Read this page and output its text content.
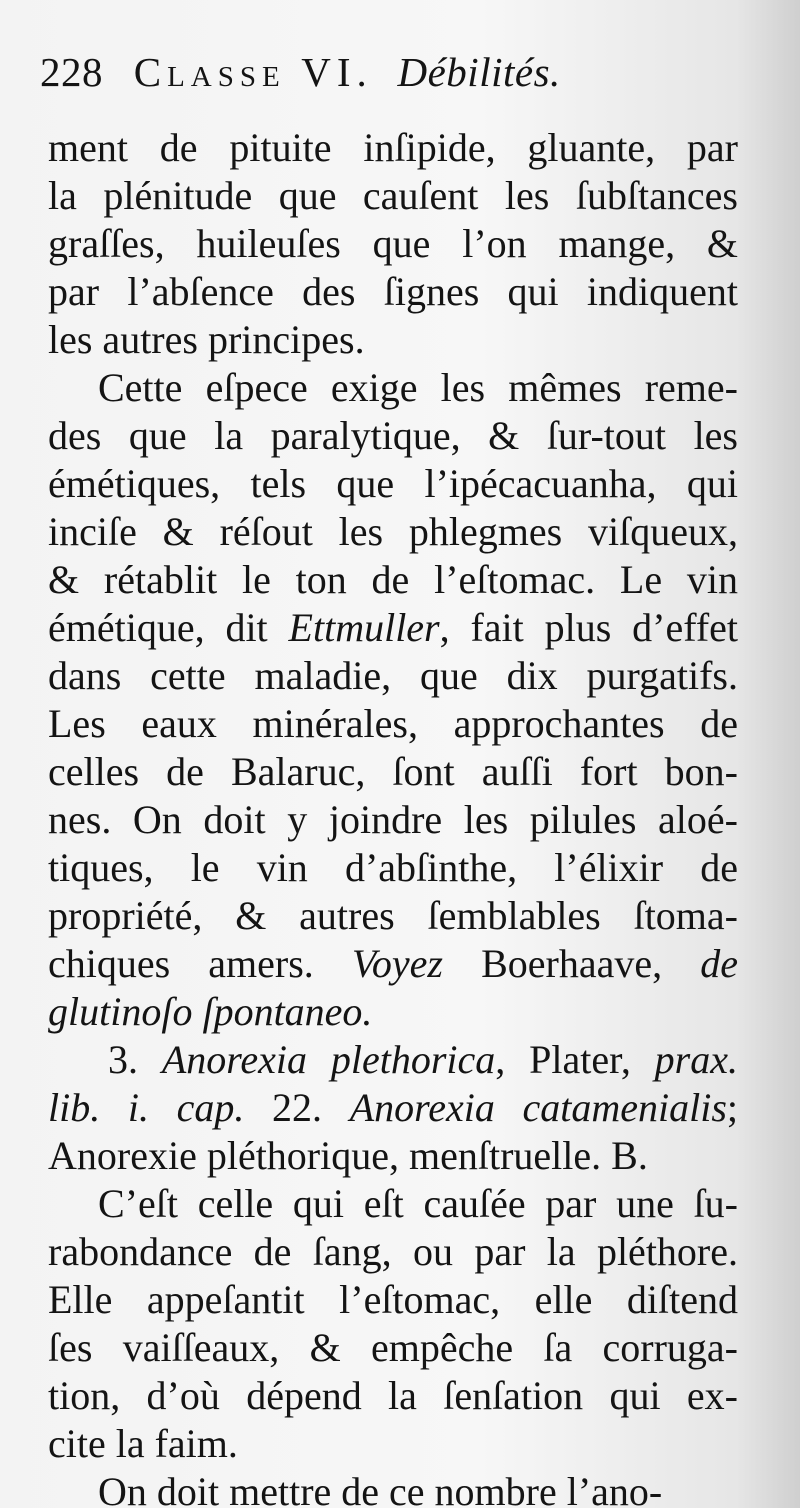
228 Classe VI. Débilités.
ment de pituite inſipide, gluante, par
la plénitude que cauſent les ſubſtances
graſſes, huileuſes que l’on mange, &
par l’abſence des ſignes qui indiquent
les autres principes.
Cette eſpece exige les mêmes reme-
des que la paralytique, & ſur-tout les
émétiques, tels que l’ipécacuanha, qui
inciſe & réſout les phlegmes viſqueux,
& rétablit le ton de l’eſtomac. Le vin
émétique, dit Ettmuller, fait plus d’effet
dans cette maladie, que dix purgatifs.
Les eaux minérales, approchantes de
celles de Balaruc, ſont auſſi fort bon-
nes. On doit y joindre les pilules aloé-
tiques, le vin d’abſinthe, l’élixir de
propriété, & autres ſemblables ſtoma-
chiques amers. Voyez Boerhaave, de
glutinoſo ſpontaneo.
3. Anorexia plethorica, Plater, prax.
lib. i. cap. 22. Anorexia catamenialis;
Anorexie pléthorique, menſtruelle. B.
C’eſt celle qui eſt cauſée par une ſu-
rabondance de ſang, ou par la pléthore.
Elle appeſantit l’eſtomac, elle diſtend
ſes vaiſſeaux, & empêche ſa corruga-
tion, d’où dépend la ſenſation qui ex-
cite la faim.
On doit mettre de ce nombre l’ano-
